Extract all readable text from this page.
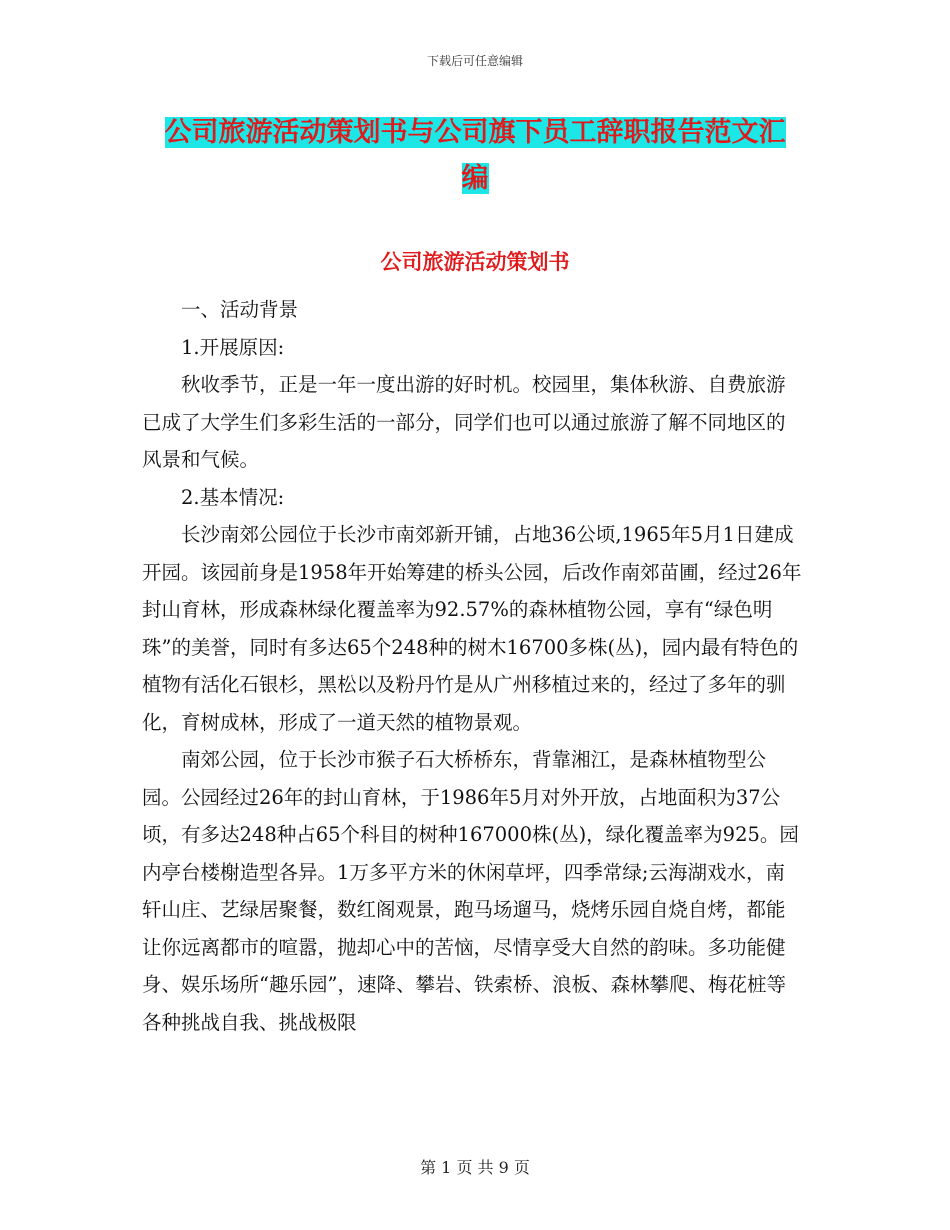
下载后可任意编辑
公司旅游活动策划书与公司旗下员工辞职报告范文汇
编
公司旅游活动策划书

一、活动背景

1.开展原因:

秋收季节，正是一年一度出游的好时机。校园里，集体秋游、自费旅游已成了大学生们多彩生活的一部分，同学们也可以通过旅游了解不同地区的风景和气候。

2.基本情况:

长沙南郊公园位于长沙市南郊新开铺，占地36公顷,1965年5月1日建成开园。该园前身是1958年开始筹建的桥头公园，后改作南郊苗圃，经过26年封山育林，形成森林绿化覆盖率为92.57%的森林植物公园，享有“绿色明珠”的美誉，同时有多达65个248种的树木16700多株(丛)，园内最有特色的植物有活化石银杉，黑松以及粉丹竹是从广州移植过来的，经过了多年的驯化，育树成林，形成了一道天然的植物景观。

南郊公园，位于长沙市猴子石大桥桥东，背靠湘江，是森林植物型公园。公园经过26年的封山育林，于1986年5月对外开放，占地面积为37公顷，有多达248种占65个科目的树种167000株(丛)，绿化覆盖率为925。园内亭台楼榭造型各异。1万多平方米的休闲草坪，四季常绿;云海湖戏水，南轩山庄、艺绿居聚餐，数红阁观景，跑马场遛马，烧烤乐园自烧自烤，都能让你远离都市的喧嚣，抛却心中的苦恼，尽情享受大自然的韵味。多功能健身、娱乐场所“趣乐园”，速降、攀岩、铁索桥、浪板、森林攀爬、梅花桩等各种挑战自我、挑战极限

第 1 页 共 9 页
